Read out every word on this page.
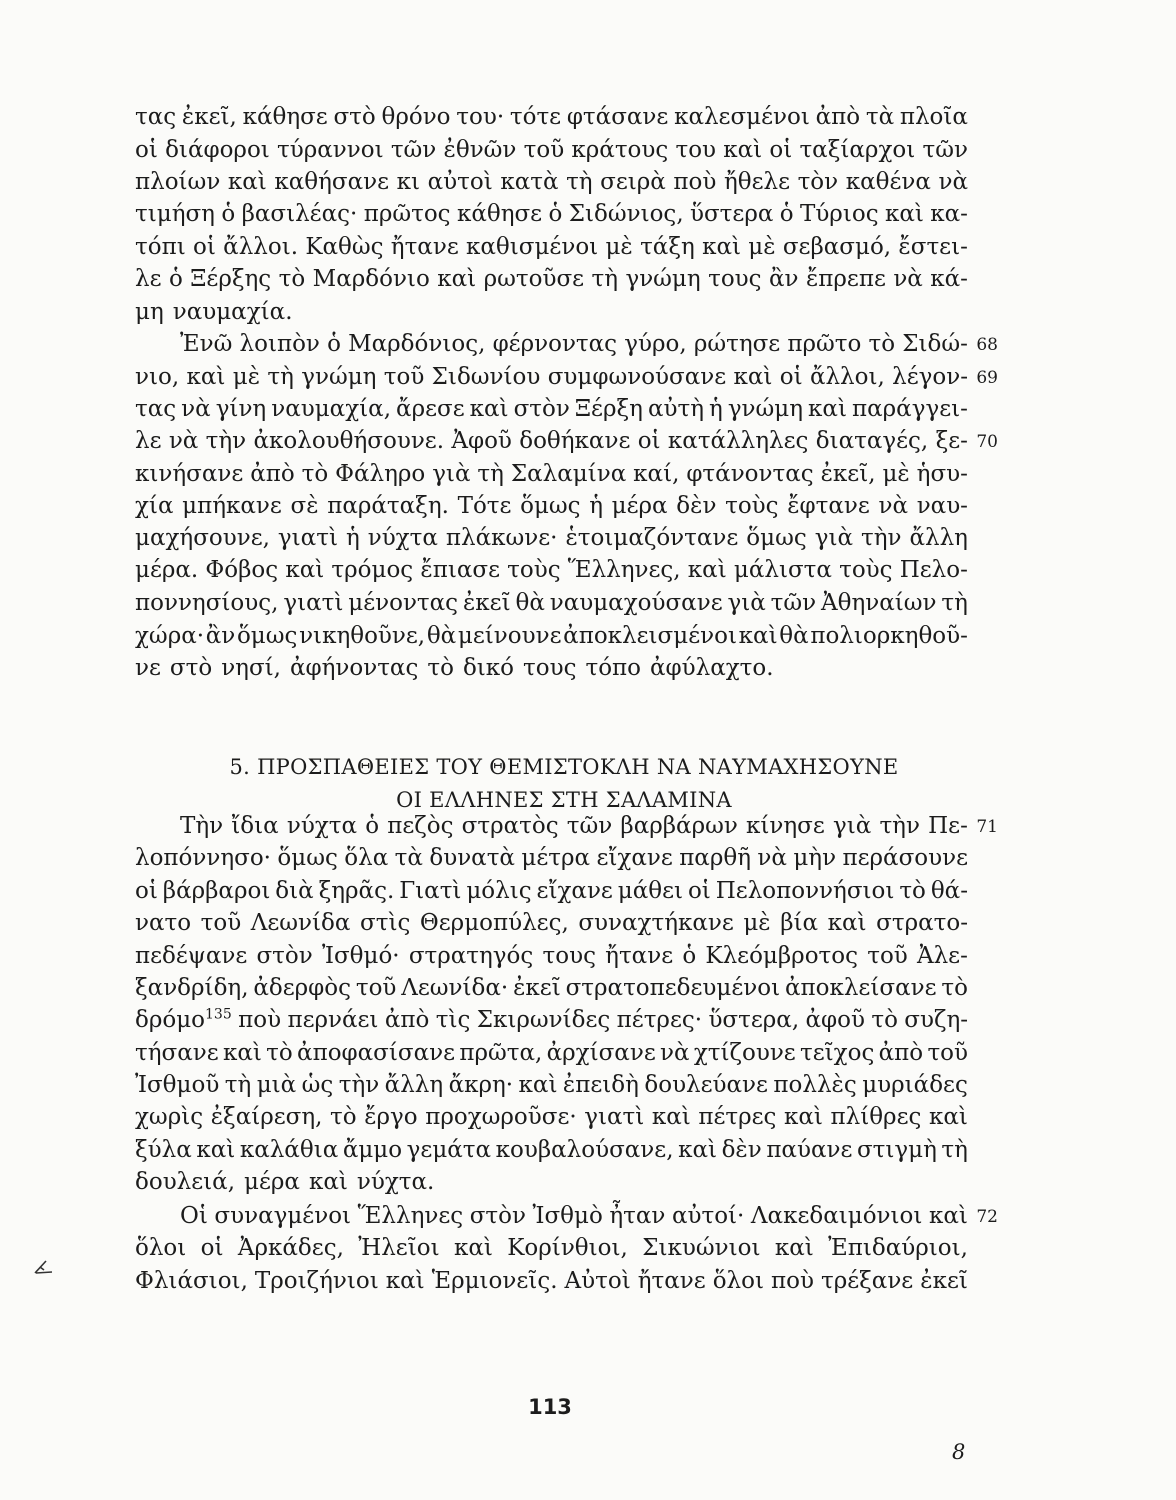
τας ἐκεῖ, κάθησε στὸ θρόνο του· τότε φτάσανε καλεσμένοι ἀπὸ τὰ πλοῖα
οἱ διάφοροι τύραννοι τῶν ἐθνῶν τοῦ κράτους του καὶ οἱ ταξίαρχοι τῶν
πλοίων καὶ καθήσανε κι αὐτοὶ κατὰ τὴ σειρὰ ποὺ ἤθελε τὸν καθένα νὰ
τιμήση ὁ βασιλέας· πρῶτος κάθησε ὁ Σιδώνιος, ὕστερα ὁ Τύριος καὶ κα-
τόπι οἱ ἄλλοι. Καθὼς ἤτανε καθισμένοι μὲ τάξη καὶ μὲ σεβασμό, ἔστει-
λε ὁ Ξέρξης τὸ Μαρδόνιο καὶ ρωτοῦσε τὴ γνώμη τους ἂν ἔπρεπε νὰ κά-
μη ναυμαχία.
Ἐνῶ λοιπὸν ὁ Μαρδόνιος, φέρνοντας γύρο, ρώτησε πρῶτο τὸ Σιδώ-
νιο, καὶ μὲ τὴ γνώμη τοῦ Σιδωνίου συμφωνούσανε καὶ οἱ ἄλλοι, λέγον-
τας νὰ γίνη ναυμαχία, ἄρεσε καὶ στὸν Ξέρξη αὐτὴ ἡ γνώμη καὶ παράγγει-
λε νὰ τὴν ἀκολουθήσουνε. Ἀφοῦ δοθήκανε οἱ κατάλληλες διαταγές, ξε-
κινήσανε ἀπὸ τὸ Φάληρο γιὰ τὴ Σαλαμίνα καί, φτάνοντας ἐκεῖ, μὲ ἡσυ-
χία μπήκανε σὲ παράταξη. Τότε ὅμως ἡ μέρα δὲν τοὺς ἔφτανε νὰ ναυ-
μαχήσουνε, γιατὶ ἡ νύχτα πλάκωνε· ἑτοιμαζόντανε ὅμως γιὰ τὴν ἄλλη
μέρα. Φόβος καὶ τρόμος ἔπιασε τοὺς Ἕλληνες, καὶ μάλιστα τοὺς Πελο-
ποννησίους, γιατὶ μένοντας ἐκεῖ θὰ ναυμαχούσανε γιὰ τῶν Ἀθηναίων τὴ
χώρα· ἂν ὅμως νικηθοῦνε, θὰ μείνουνε ἀποκλεισμένοι καὶ θὰ πολιορκηθοῦ-
νε στὸ νησί, ἀφήνοντας τὸ δικό τους τόπο ἀφύλαχτο.
Τὴν ἴδια νύχτα ὁ πεζὸς στρατὸς τῶν βαρβάρων κίνησε γιὰ τὴν Πε-
λοπόννησο· ὅμως ὅλα τὰ δυνατὰ μέτρα εἴχανε παρθῆ νὰ μὴν περάσουνε
οἱ βάρβαροι διὰ ξηρᾶς. Γιατὶ μόλις εἴχανε μάθει οἱ Πελοποννήσιοι τὸ θά-
νατο τοῦ Λεωνίδα στὶς Θερμοπύλες, συναχτήκανε μὲ βία καὶ στρατο-
πεδέψανε στὸν Ἰσθμό· στρατηγός τους ἤτανε ὁ Κλεόμβροτος τοῦ Ἀλε-
ξανδρίδη, ἀδερφὸς τοῦ Λεωνίδα· ἐκεῖ στρατοπεδευμένοι ἀποκλείσανε τὸ
δρόμο$^{135}$ ποὺ περνάει ἀπὸ τὶς Σκιρωνίδες πέτρες· ὕστερα, ἀφοῦ τὸ συζη-
τήσανε καὶ τὸ ἀποφασίσανε πρῶτα, ἀρχίσανε νὰ χτίζουνε τεῖχος ἀπὸ τοῦ
Ἰσθμοῦ τὴ μιὰ ὡς τὴν ἄλλη ἄκρη· καὶ ἐπειδὴ δουλεύανε πολλὲς μυριάδες
χωρὶς ἐξαίρεση, τὸ ἔργο προχωροῦσε· γιατὶ καὶ πέτρες καὶ πλίθρες καὶ
ξύλα καὶ καλάθια ἄμμο γεμάτα κουβαλούσανε, καὶ δὲν παύανε στιγμὴ τὴ
δουλειά, μέρα καὶ νύχτα.
Οἱ συναγμένοι Ἕλληνες στὸν Ἰσθμὸ ἦταν αὐτοί· Λακεδαιμόνιοι καὶ
ὅλοι οἱ Ἀρκάδες, Ἠλεῖοι καὶ Κορίνθιοι, Σικυώνιοι καὶ Ἐπιδαύριοι,
Φλιάσιοι, Τροιζήνιοι καὶ Ἑρμιονεῖς. Αὐτοὶ ἤτανε ὅλοι ποὺ τρέξανε ἐκεῖ
68
69
70
71
72
5. ΠΡΟΣΠΑΘΕΙΕΣ ΤΟΥ ΘΕΜΙΣΤΟΚΛΗ ΝΑ ΝΑΥΜΑΧΗΣΟΥΝΕ
ΟΙ ΕΛΛΗΝΕΣ ΣΤΗ ΣΑΛΑΜΙΝΑ
113
8
